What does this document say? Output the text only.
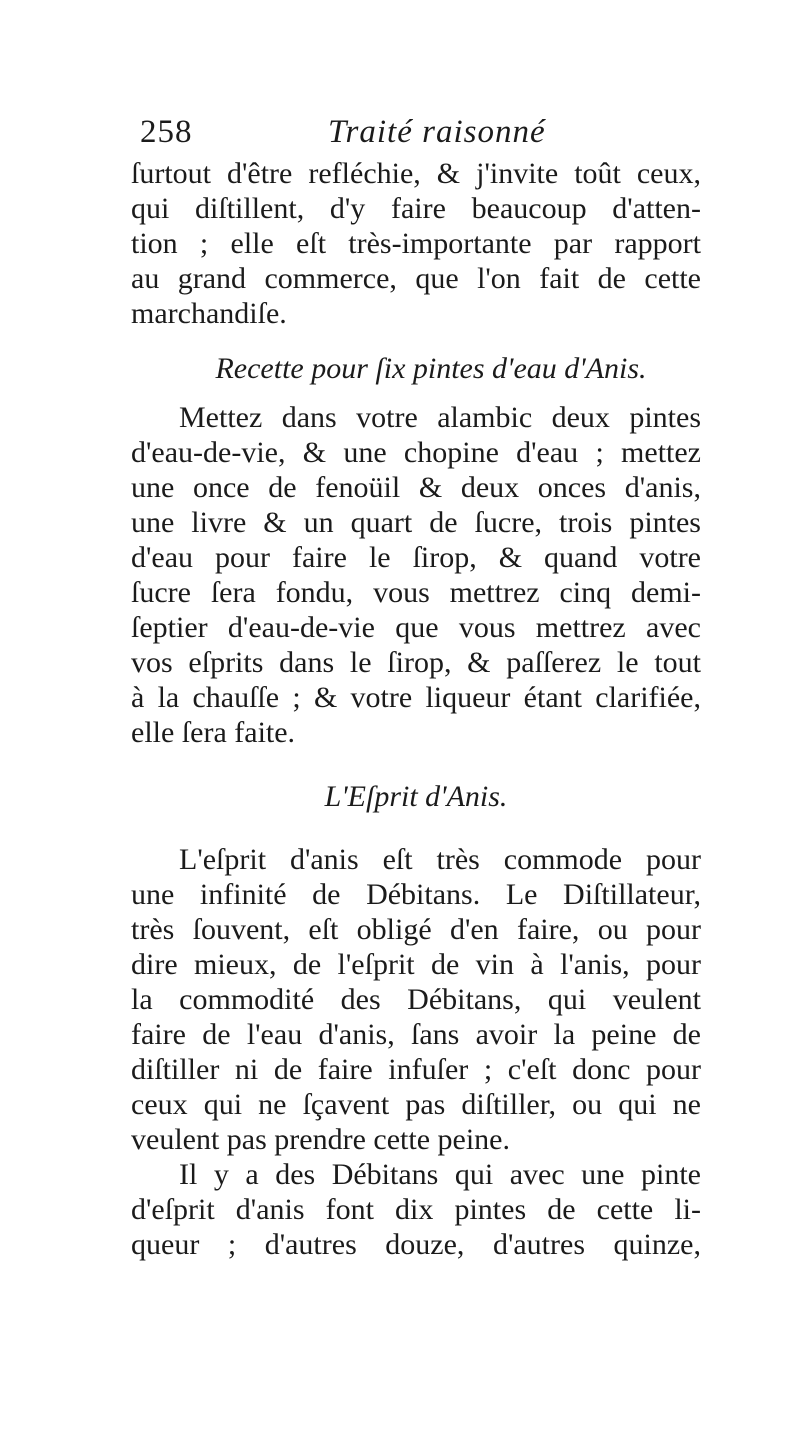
258	Traité raisonné
ſurtout d'être refléchie, & j'invite toût ceux,
qui diſtillent, d'y faire beaucoup d'atten-
tion ; elle eſt très-importante par rapport
au grand commerce, que l'on fait de cette
marchandiſe.
Recette pour ſix pintes d'eau d'Anis.
Mettez dans votre alambic deux pintes
d'eau-de-vie, & une chopine d'eau ; mettez
une once de fenoüil & deux onces d'anis,
une livre & un quart de ſucre, trois pintes
d'eau pour faire le ſirop, & quand votre
ſucre ſera fondu, vous mettrez cinq demi-
ſeptier d'eau-de-vie que vous mettrez avec
vos eſprits dans le ſirop, & paſſerez le tout
à la chauſſe ; & votre liqueur étant clarifiée,
elle ſera faite.
L'Eſprit d'Anis.
L'eſprit d'anis eſt très commode pour
une infinité de Débitans. Le Diſtillateur,
très ſouvent, eſt obligé d'en faire, ou pour
dire mieux, de l'eſprit de vin à l'anis, pour
la commodité des Débitans, qui veulent
faire de l'eau d'anis, ſans avoir la peine de
diſtiller ni de faire infuſer ; c'eſt donc pour
ceux qui ne ſçavent pas diſtiller, ou qui ne
veulent pas prendre cette peine.
Il y a des Débitans qui avec une pinte
d'eſprit d'anis font dix pintes de cette li-
queur ; d'autres douze, d'autres quinze,
